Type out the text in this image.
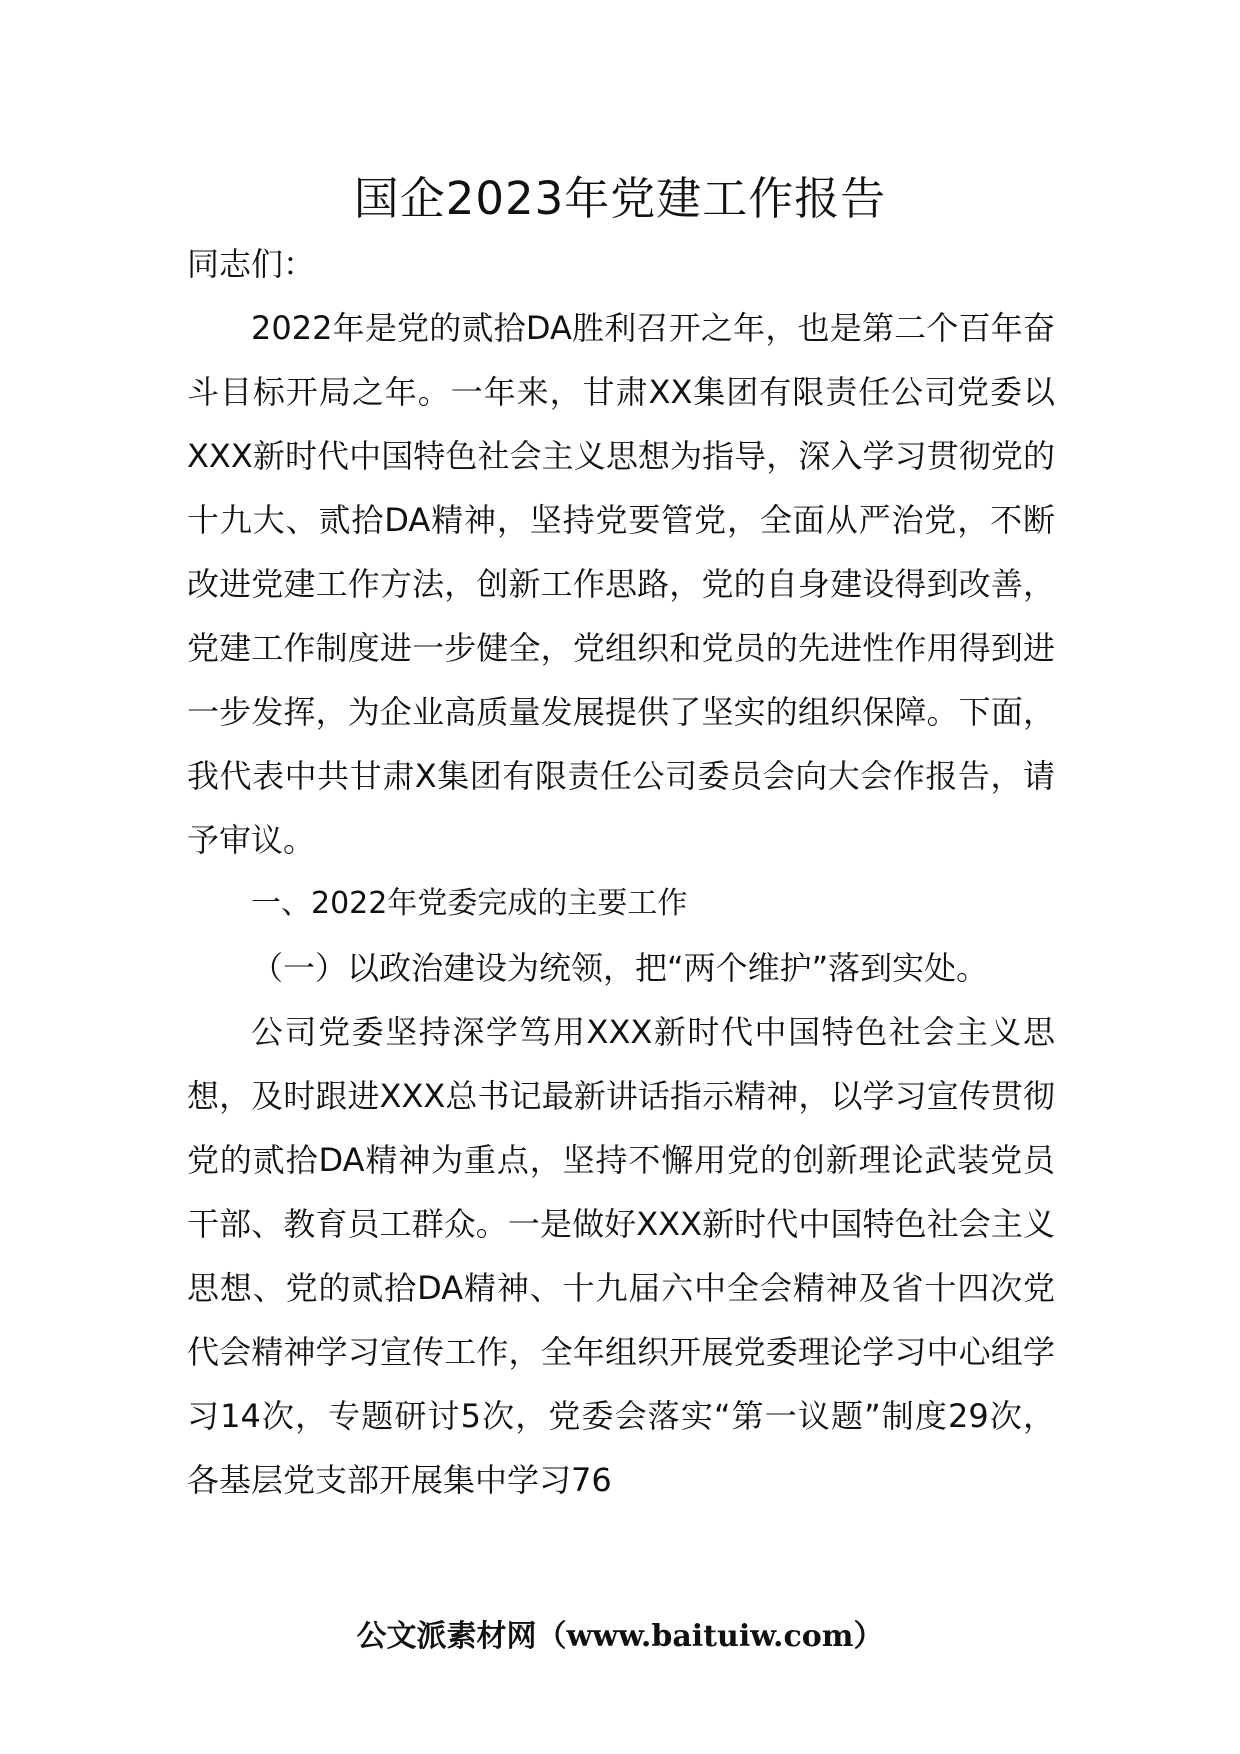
国企2023年党建工作报告

同志们：

2022年是党的贰拾DA胜利召开之年，也是第二个百年奋斗目标开局之年。一年来，甘肃XX集团有限责任公司党委以XXX新时代中国特色社会主义思想为指导，深入学习贯彻党的十九大、贰拾DA精神，坚持党要管党，全面从严治党，不断改进党建工作方法，创新工作思路，党的自身建设得到改善，党建工作制度进一步健全，党组织和党员的先进性作用得到进一步发挥，为企业高质量发展提供了坚实的组织保障。下面，我代表中共甘肃X集团有限责任公司委员会向大会作报告，请予审议。

一、2022年党委完成的主要工作

（一）以政治建设为统领，把“两个维护”落到实处。

公司党委坚持深学笃用XXX新时代中国特色社会主义思想，及时跟进XXX总书记最新讲话指示精神，以学习宣传贯彻党的贰拾DA精神为重点，坚持不懈用党的创新理论武装党员干部、教育员工群众。一是做好XXX新时代中国特色社会主义思想、党的贰拾DA精神、十九届六中全会精神及省十四次党代会精神学习宣传工作，全年组织开展党委理论学习中心组学习14次，专题研讨5次，党委会落实“第一议题”制度29次，各基层党支部开展集中学习76

公文派素材网（www.baituiw.com）
